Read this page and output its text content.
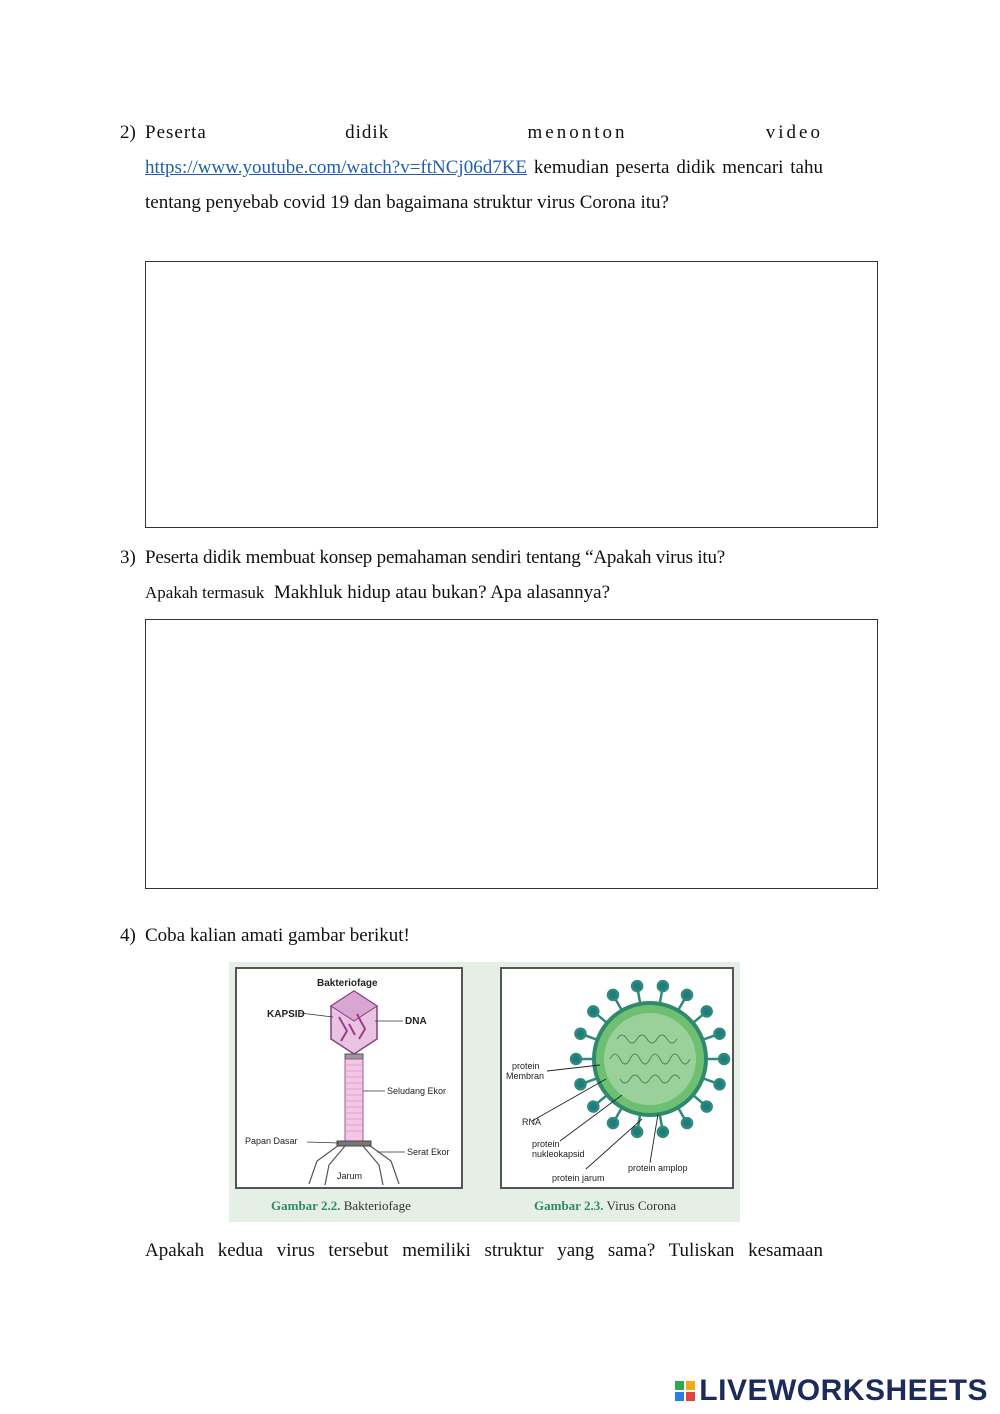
2) Peserta	didik	menonton	video
https://www.youtube.com/watch?v=ftNCj06d7KE kemudian peserta didik mencari tahu tentang penyebab covid 19 dan bagaimana struktur virus Corona itu?
3) Peserta didik membuat konsep pemahaman sendiri tentang “Apakah virus itu?
Apakah termasuk Makhluk hidup atau bukan? Apa alasannya?
4) Coba kalian amati gambar berikut!
Bakteriofage
KAPSID
DNA
Seludang Ekor
Papan Dasar
Serat Ekor
Jarum
protein
Membran
RNA
protein
nukleokapsid
protein jarum
protein amplop
Gambar 2.2. Bakteriofage	Gambar 2.3. Virus Corona
Apakah kedua virus tersebut memiliki struktur yang sama? Tuliskan kesamaan
LIVEWORKSHEETS
